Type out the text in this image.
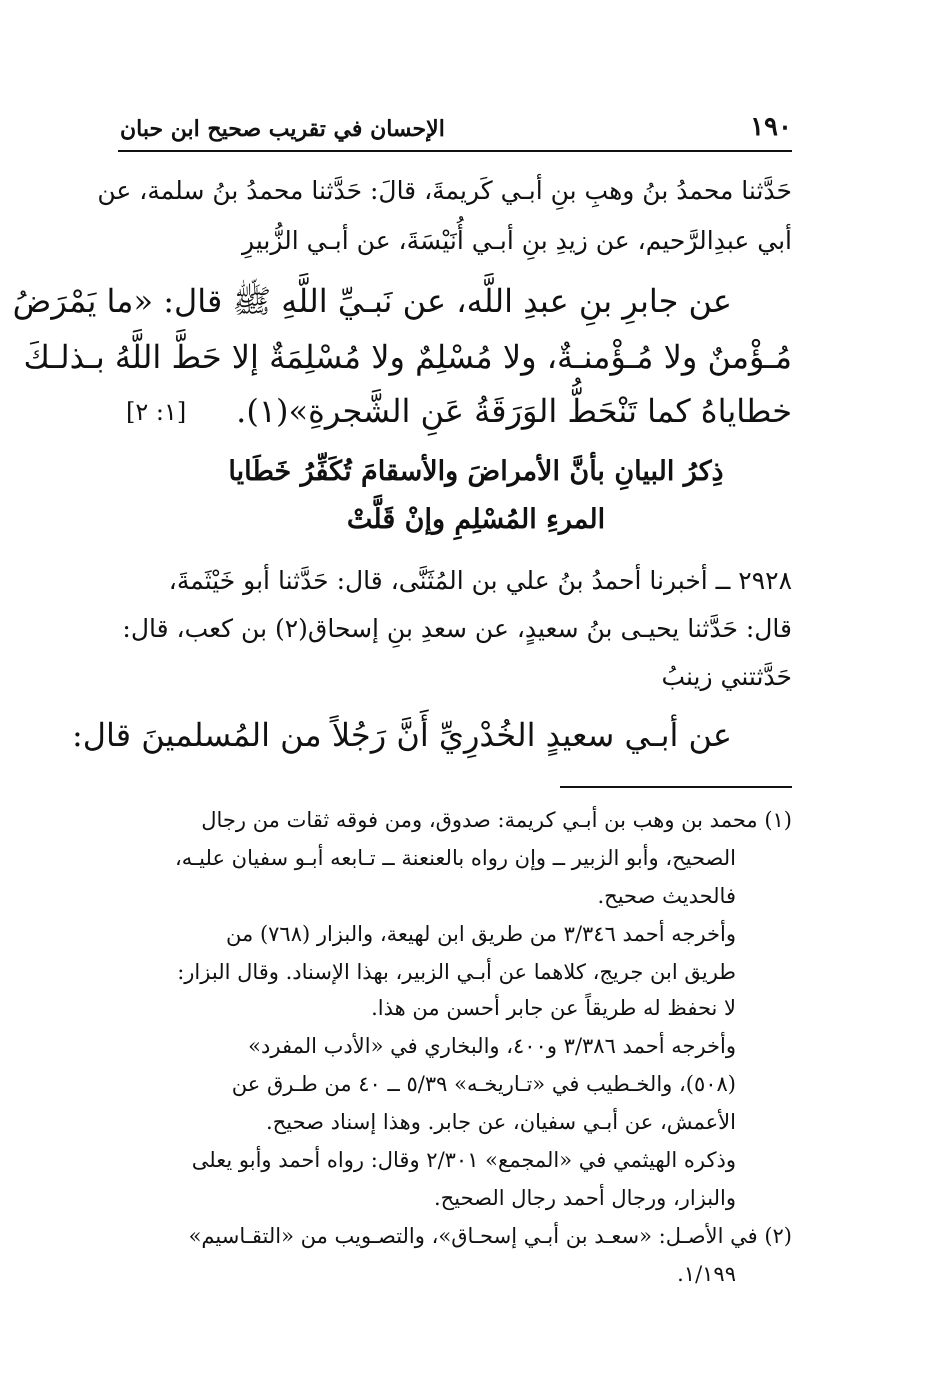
١٩٠
الإحسان في تقريب صحيح ابن حبان
حَدَّثنا محمدُ بنُ وهبِ بنِ أبـي كَريمةَ، قالَ: حَدَّثنا محمدُ بنُ سلمة، عن
أبي عبدِالرَّحيم، عن زيدِ بنِ أبـي أُنَيْسَةَ، عن أبـي الزُّبيرِ
عن جابرِ بنِ عبدِ اللَّه، عن نَبـيِّ اللَّهِ ﷺ قال: «ما يَمْرَضُ
مُـؤْمنٌ ولا مُـؤْمنـةٌ، ولا مُسْلِمٌ ولا مُسْلِمَةٌ إلا حَطَّ اللَّهُ بـذلـكَ
خطاياهُ كما تَنْحَطُّ الوَرَقَةُ عَنِ الشَّجرةِ»(١).
[١: ٢]
ذِكرُ البيانِ بأنَّ الأمراضَ والأسقامَ تُكَفِّرُ خَطَايا
المرءِ المُسْلِمِ وإنْ قَلَّتْ
٢٩٢٨ ــ أخبرنا أحمدُ بنُ علي بن المُثَنَّى، قال: حَدَّثنا أبو خَيْثَمةَ،
قال: حَدَّثنا يحيـى بنُ سعيدٍ، عن سعدِ بنِ إسحاق(٢) بن كعب، قال:
حَدَّثتني زينبُ
عن أبـي سعيدٍ الخُدْرِيِّ أَنَّ رَجُلاً من المُسلمينَ قال:
(١) محمد بن وهب بن أبـي كريمة: صدوق، ومن فوقه ثقات من رجال
الصحيح، وأبو الزبير ــ وإن رواه بالعنعنة ــ تـابعه أبـو سفيان عليـه،
فالحديث صحيح.
وأخرجه أحمد ٣/٣٤٦ من طريق ابن لهيعة، والبزار (٧٦٨) من
طريق ابن جريج، كلاهما عن أبـي الزبير، بهذا الإسناد. وقال البزار:
لا نحفظ له طريقاً عن جابر أحسن من هذا.
وأخرجه أحمد ٣/٣٨٦ و٤٠٠، والبخاري في «الأدب المفرد»
(٥٠٨)، والخـطيب في «تـاريخـه» ٥/٣٩ ــ ٤٠ من طـرق عن
الأعمش، عن أبـي سفيان، عن جابر. وهذا إسناد صحيح.
وذكره الهيثمي في «المجمع» ٢/٣٠١ وقال: رواه أحمد وأبو يعلى
والبزار، ورجال أحمد رجال الصحيح.
(٢) في الأصـل: «سعـد بن أبـي إسحـاق»، والتصـويب من «التقـاسيم»
١/١٩٩.
